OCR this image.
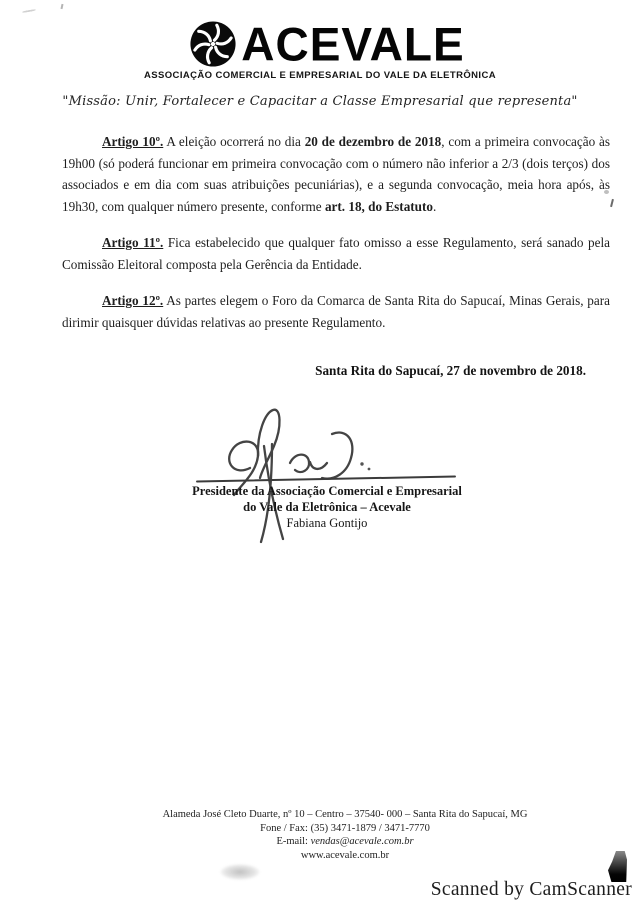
ACEVALE
ASSOCIAÇÃO COMERCIAL E EMPRESARIAL DO VALE DA ELETRÔNICA
"Missão: Unir, Fortalecer e Capacitar a Classe Empresarial que representa"

Artigo 10º. A eleição ocorrerá no dia 20 de dezembro de 2018, com a primeira convocação às 19h00 (só poderá funcionar em primeira convocação com o número não inferior a 2/3 (dois terços) dos associados e em dia com suas atribuições pecuniárias), e a segunda convocação, meia hora após, às 19h30, com qualquer número presente, conforme art. 18, do Estatuto.

Artigo 11º. Fica estabelecido que qualquer fato omisso a esse Regulamento, será sanado pela Comissão Eleitoral composta pela Gerência da Entidade.

Artigo 12º. As partes elegem o Foro da Comarca de Santa Rita do Sapucaí, Minas Gerais, para dirimir quaisquer dúvidas relativas ao presente Regulamento.

Santa Rita do Sapucaí, 27 de novembro de 2018.
Presidente da Associação Comercial e Empresarial
do Vale da Eletrônica – Acevale
Fabiana Gontijo
Alameda José Cleto Duarte, nº 10 – Centro – 37540- 000 – Santa Rita do Sapucaí, MG
Fone / Fax: (35) 3471-1879 / 3471-7770
E-mail: vendas@acevale.com.br
www.acevale.com.br
Scanned by CamScanner
